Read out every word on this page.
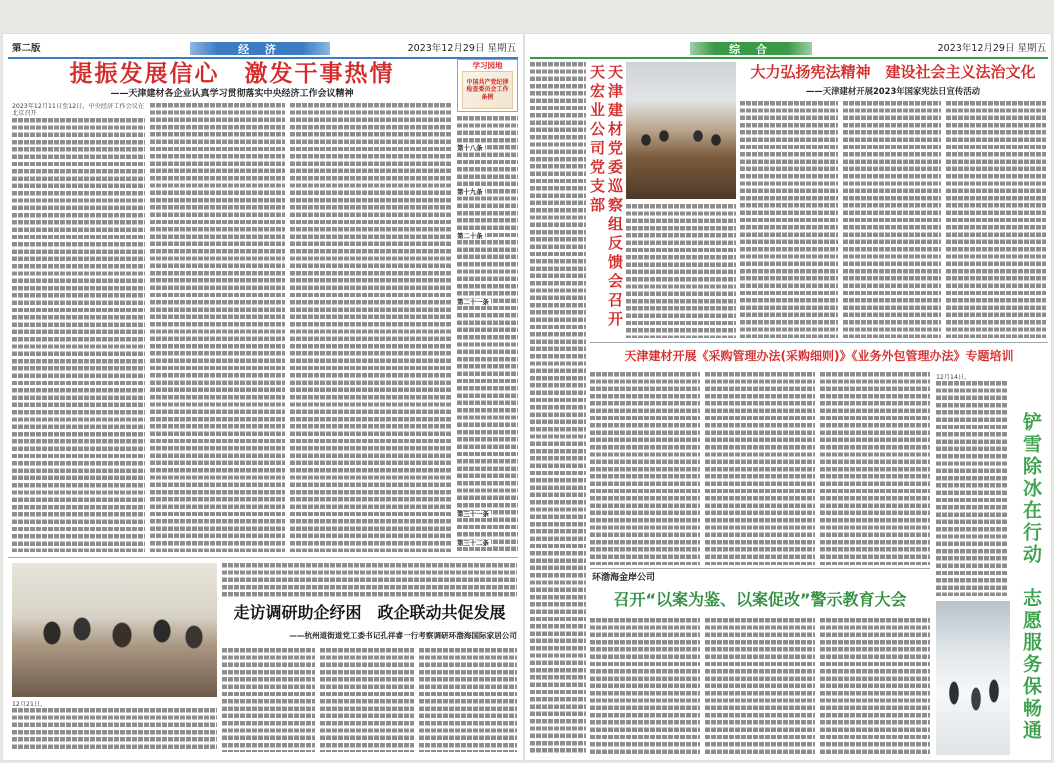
第二版	经 济	2023年12月29日 星期五
提振发展信心　激发干事热情
——天津建材各企业认真学习贯彻落实中央经济工作会议精神
2023年12月11日至12日，中央经济工作会议在北京召开
学习园地
中国共产党纪律检查委员会工作条例
第十八条
第十九条
第二十条
第二十一条
第三十一条
第三十二条
12月21日，
走访调研助企纾困　政企联动共促发展
——杭州道街道党工委书记孔祥睿一行考察调研环渤海国际家居公司
综 合	2023年12月29日 星期五
天津建材党委巡察组反馈会召开
天宏业公司党支部	大力弘扬宪法精神　建设社会主义法治文化
——天津建材开展2023年国家宪法日宣传活动
天津建材开展《采购管理办法(采购细则)》《业务外包管理办法》专题培训
12月14日，
铲雪除冰在行动　志愿服务保畅通
环渤海金岸公司
召开“以案为鉴、以案促改”警示教育大会
